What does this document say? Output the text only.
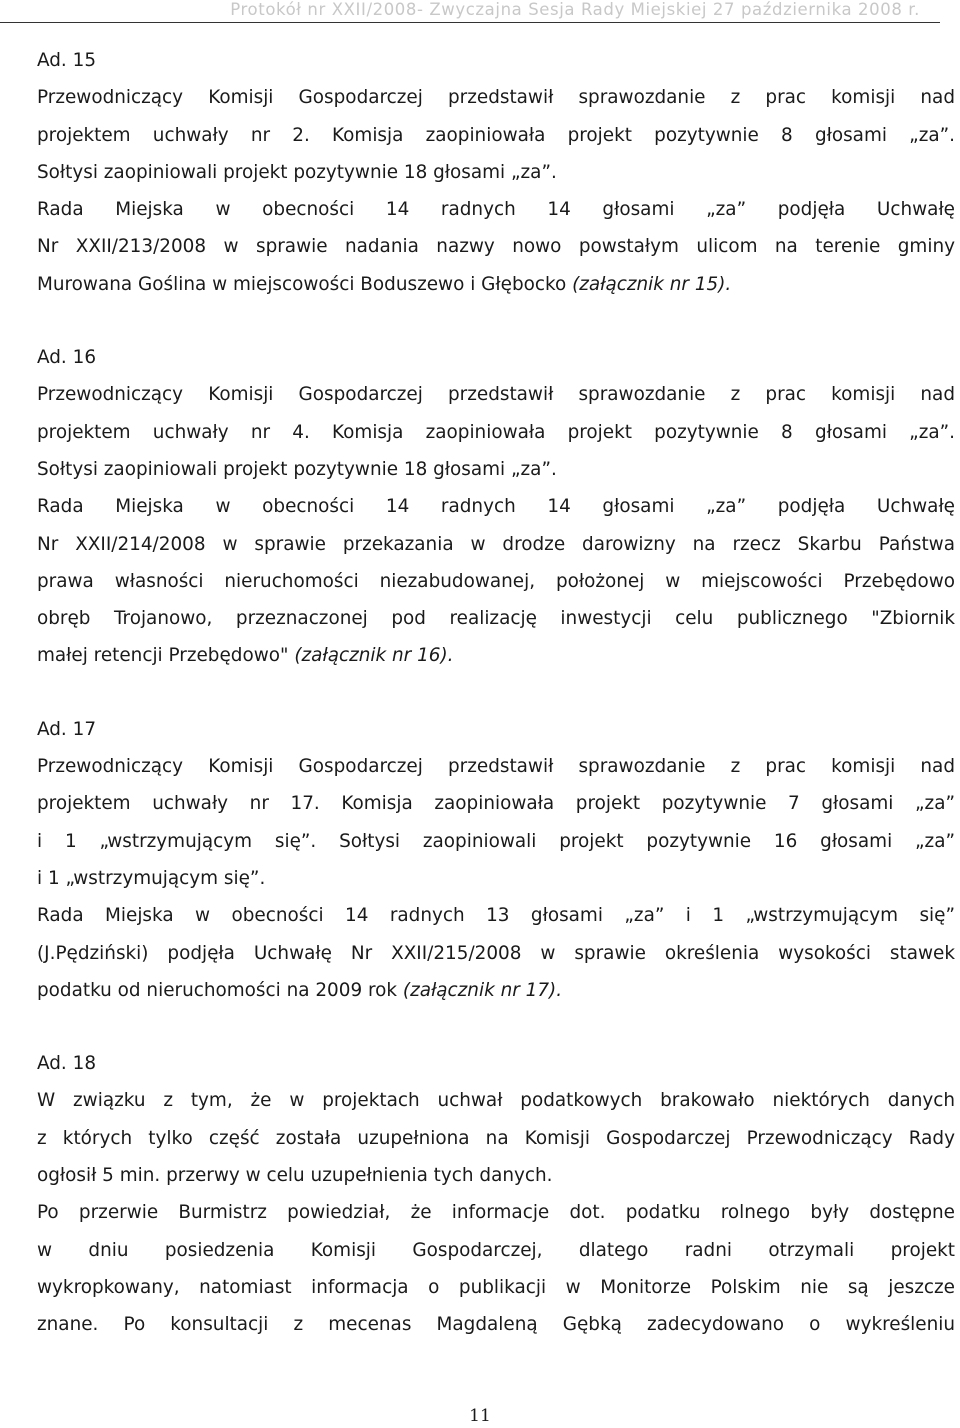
Protokół nr XXII/2008- Zwyczajna Sesja Rady Miejskiej 27 października 2008 r.
Ad. 15
Przewodniczący Komisji Gospodarczej przedstawił sprawozdanie z prac komisji nad
projektem uchwały nr 2. Komisja zaopiniowała projekt pozytywnie 8 głosami „za”.
Sołtysi zaopiniowali projekt pozytywnie 18 głosami „za”.
Rada Miejska w obecności 14 radnych 14 głosami „za” podjęła Uchwałę
Nr XXII/213/2008 w sprawie nadania nazwy nowo powstałym ulicom na terenie gminy
Murowana Goślina w miejscowości Boduszewo i Głębocko (załącznik nr 15).
Ad. 16
Przewodniczący Komisji Gospodarczej przedstawił sprawozdanie z prac komisji nad
projektem uchwały nr 4. Komisja zaopiniowała projekt pozytywnie 8 głosami „za”.
Sołtysi zaopiniowali projekt pozytywnie 18 głosami „za”.
Rada Miejska w obecności 14 radnych 14 głosami „za” podjęła Uchwałę
Nr XXII/214/2008 w sprawie przekazania w drodze darowizny na rzecz Skarbu Państwa
prawa własności nieruchomości niezabudowanej, położonej w miejscowości Przebędowo
obręb Trojanowo, przeznaczonej pod realizację inwestycji celu publicznego "Zbiornik
małej retencji Przebędowo" (załącznik nr 16).
Ad. 17
Przewodniczący Komisji Gospodarczej przedstawił sprawozdanie z prac komisji nad
projektem uchwały nr 17. Komisja zaopiniowała projekt pozytywnie 7 głosami „za”
i 1 „wstrzymującym się”. Sołtysi zaopiniowali projekt pozytywnie 16 głosami „za”
i 1 „wstrzymującym się”.
Rada Miejska w obecności 14 radnych 13 głosami „za” i 1 „wstrzymującym się”
(J.Pędziński) podjęła Uchwałę Nr XXII/215/2008 w sprawie określenia wysokości stawek
podatku od nieruchomości na 2009 rok (załącznik nr 17).
Ad. 18
W związku z tym, że w projektach uchwał podatkowych brakowało niektórych danych
z których tylko część została uzupełniona na Komisji Gospodarczej Przewodniczący Rady
ogłosił 5 min. przerwy w celu uzupełnienia tych danych.
Po przerwie Burmistrz powiedział, że informacje dot. podatku rolnego były dostępne
w dniu posiedzenia Komisji Gospodarczej, dlatego radni otrzymali projekt
wykropkowany, natomiast informacja o publikacji w Monitorze Polskim nie są jeszcze
znane. Po konsultacji z mecenas Magdaleną Gębką zadecydowano o wykreśleniu
11
